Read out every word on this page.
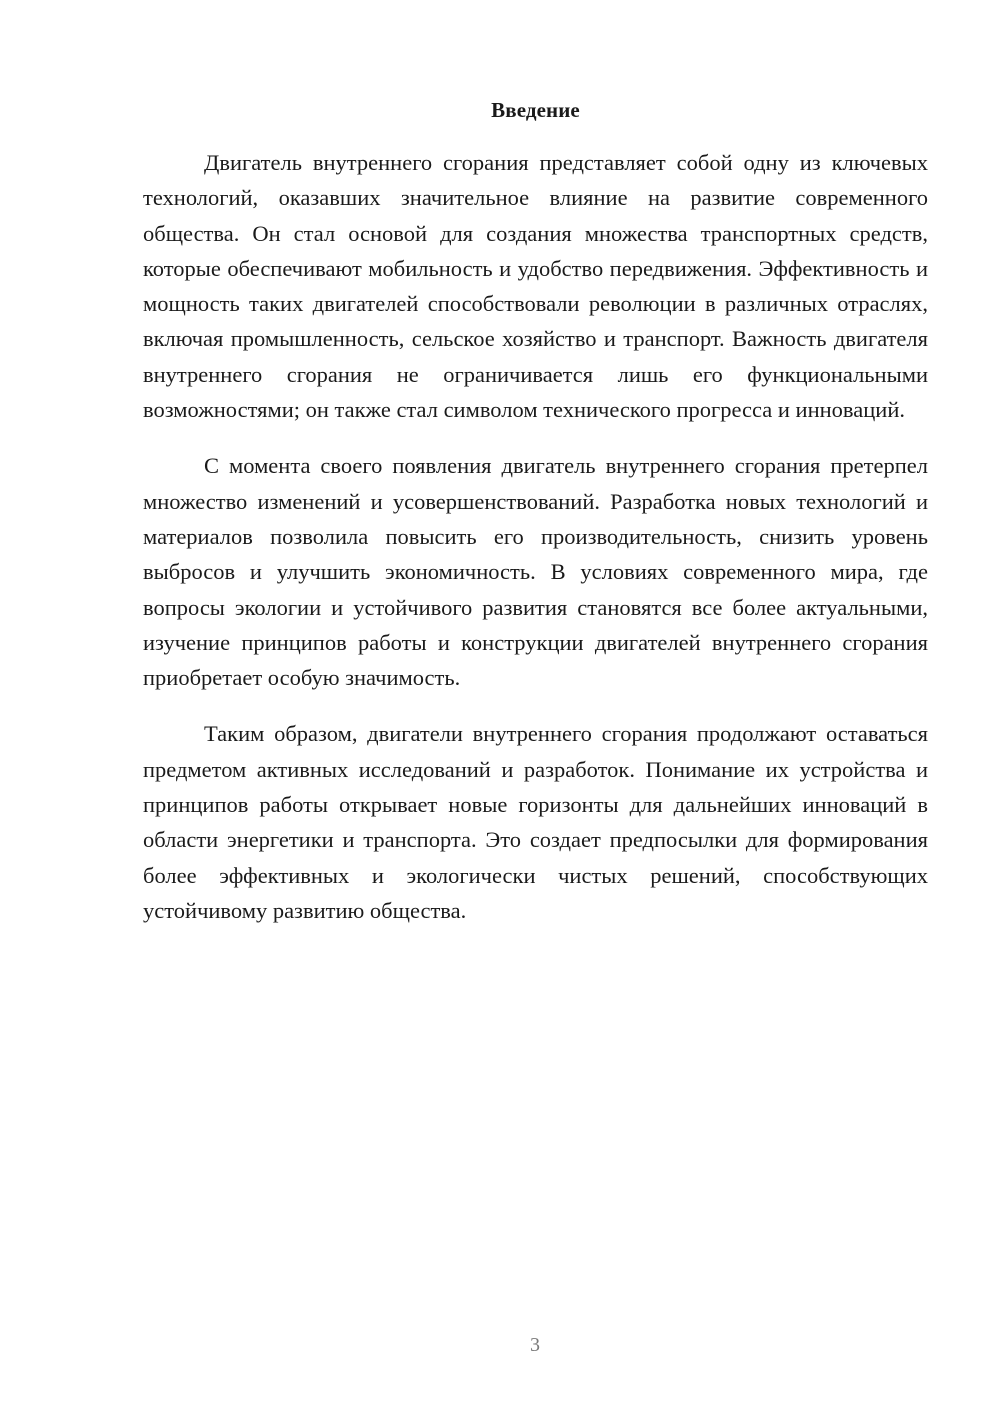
Введение

Двигатель внутреннего сгорания представляет собой одну из ключевых технологий, оказавших значительное влияние на развитие современного общества. Он стал основой для создания множества транспортных средств, которые обеспечивают мобильность и удобство передвижения. Эффективность и мощность таких двигателей способствовали революции в различных отраслях, включая промышленность, сельское хозяйство и транспорт. Важность двигателя внутреннего сгорания не ограничивается лишь его функциональными возможностями; он также стал символом технического прогресса и инноваций.

С момента своего появления двигатель внутреннего сгорания претерпел множество изменений и усовершенствований. Разработка новых технологий и материалов позволила повысить его производительность, снизить уровень выбросов и улучшить экономичность. В условиях современного мира, где вопросы экологии и устойчивого развития становятся все более актуальными, изучение принципов работы и конструкции двигателей внутреннего сгорания приобретает особую значимость.

Таким образом, двигатели внутреннего сгорания продолжают оставаться предметом активных исследований и разработок. Понимание их устройства и принципов работы открывает новые горизонты для дальнейших инноваций в области энергетики и транспорта. Это создает предпосылки для формирования более эффективных и экологически чистых решений, способствующих устойчивому развитию общества.

3
